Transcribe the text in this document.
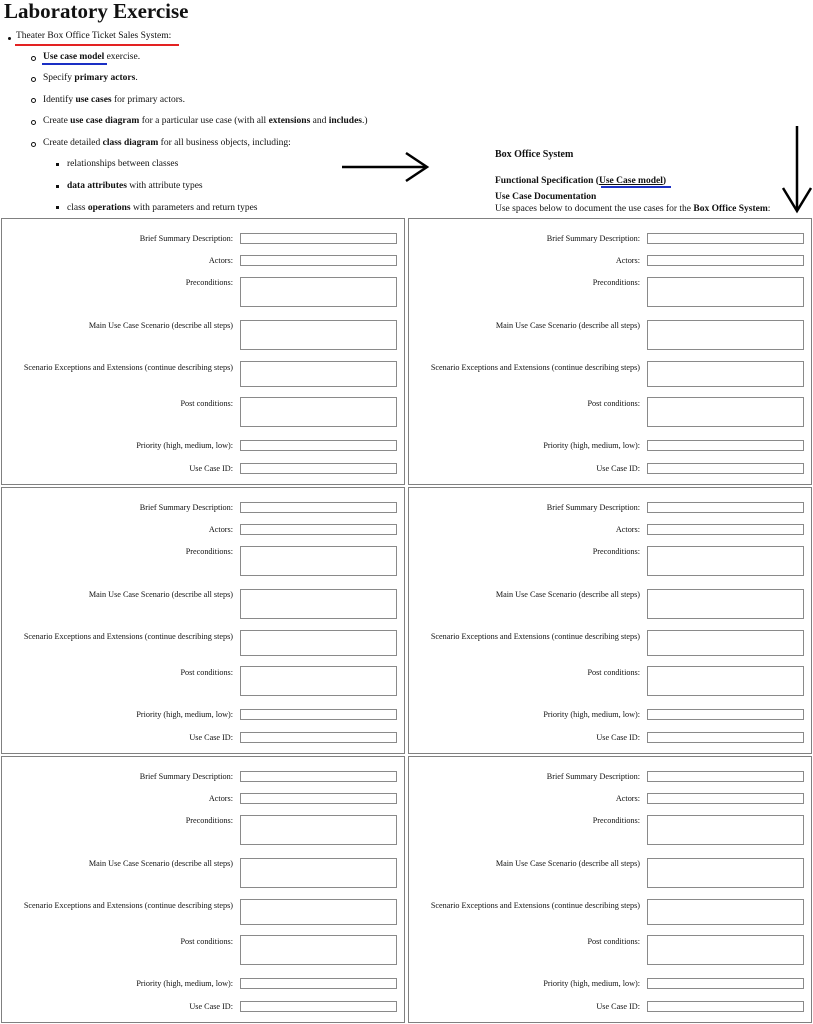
Laboratory Exercise
Theater Box Office Ticket Sales System:
Use case model exercise.
Specify primary actors.
Identify use cases for primary actors.
Create use case diagram for a particular use case (with all extensions and includes.)
Create detailed class diagram for all business objects, including:
relationships between classes
data attributes with attribute types
class operations with parameters and return types
Box Office System
Functional Specification (Use Case model)
Use Case Documentation
Use spaces below to document the use cases for the Box Office System:
Brief Summary Description:
Actors:
Preconditions:
Main Use Case Scenario (describe all steps)
Scenario Exceptions and Extensions (continue describing steps)
Post conditions:
Priority (high, medium, low):
Use Case ID:
Brief Summary Description:
Actors:
Preconditions:
Main Use Case Scenario (describe all steps)
Scenario Exceptions and Extensions (continue describing steps)
Post conditions:
Priority (high, medium, low):
Use Case ID:
Brief Summary Description:
Actors:
Preconditions:
Main Use Case Scenario (describe all steps)
Scenario Exceptions and Extensions (continue describing steps)
Post conditions:
Priority (high, medium, low):
Use Case ID:
Brief Summary Description:
Actors:
Preconditions:
Main Use Case Scenario (describe all steps)
Scenario Exceptions and Extensions (continue describing steps)
Post conditions:
Priority (high, medium, low):
Use Case ID:
Brief Summary Description:
Actors:
Preconditions:
Main Use Case Scenario (describe all steps)
Scenario Exceptions and Extensions (continue describing steps)
Post conditions:
Priority (high, medium, low):
Use Case ID:
Brief Summary Description:
Actors:
Preconditions:
Main Use Case Scenario (describe all steps)
Scenario Exceptions and Extensions (continue describing steps)
Post conditions:
Priority (high, medium, low):
Use Case ID:
